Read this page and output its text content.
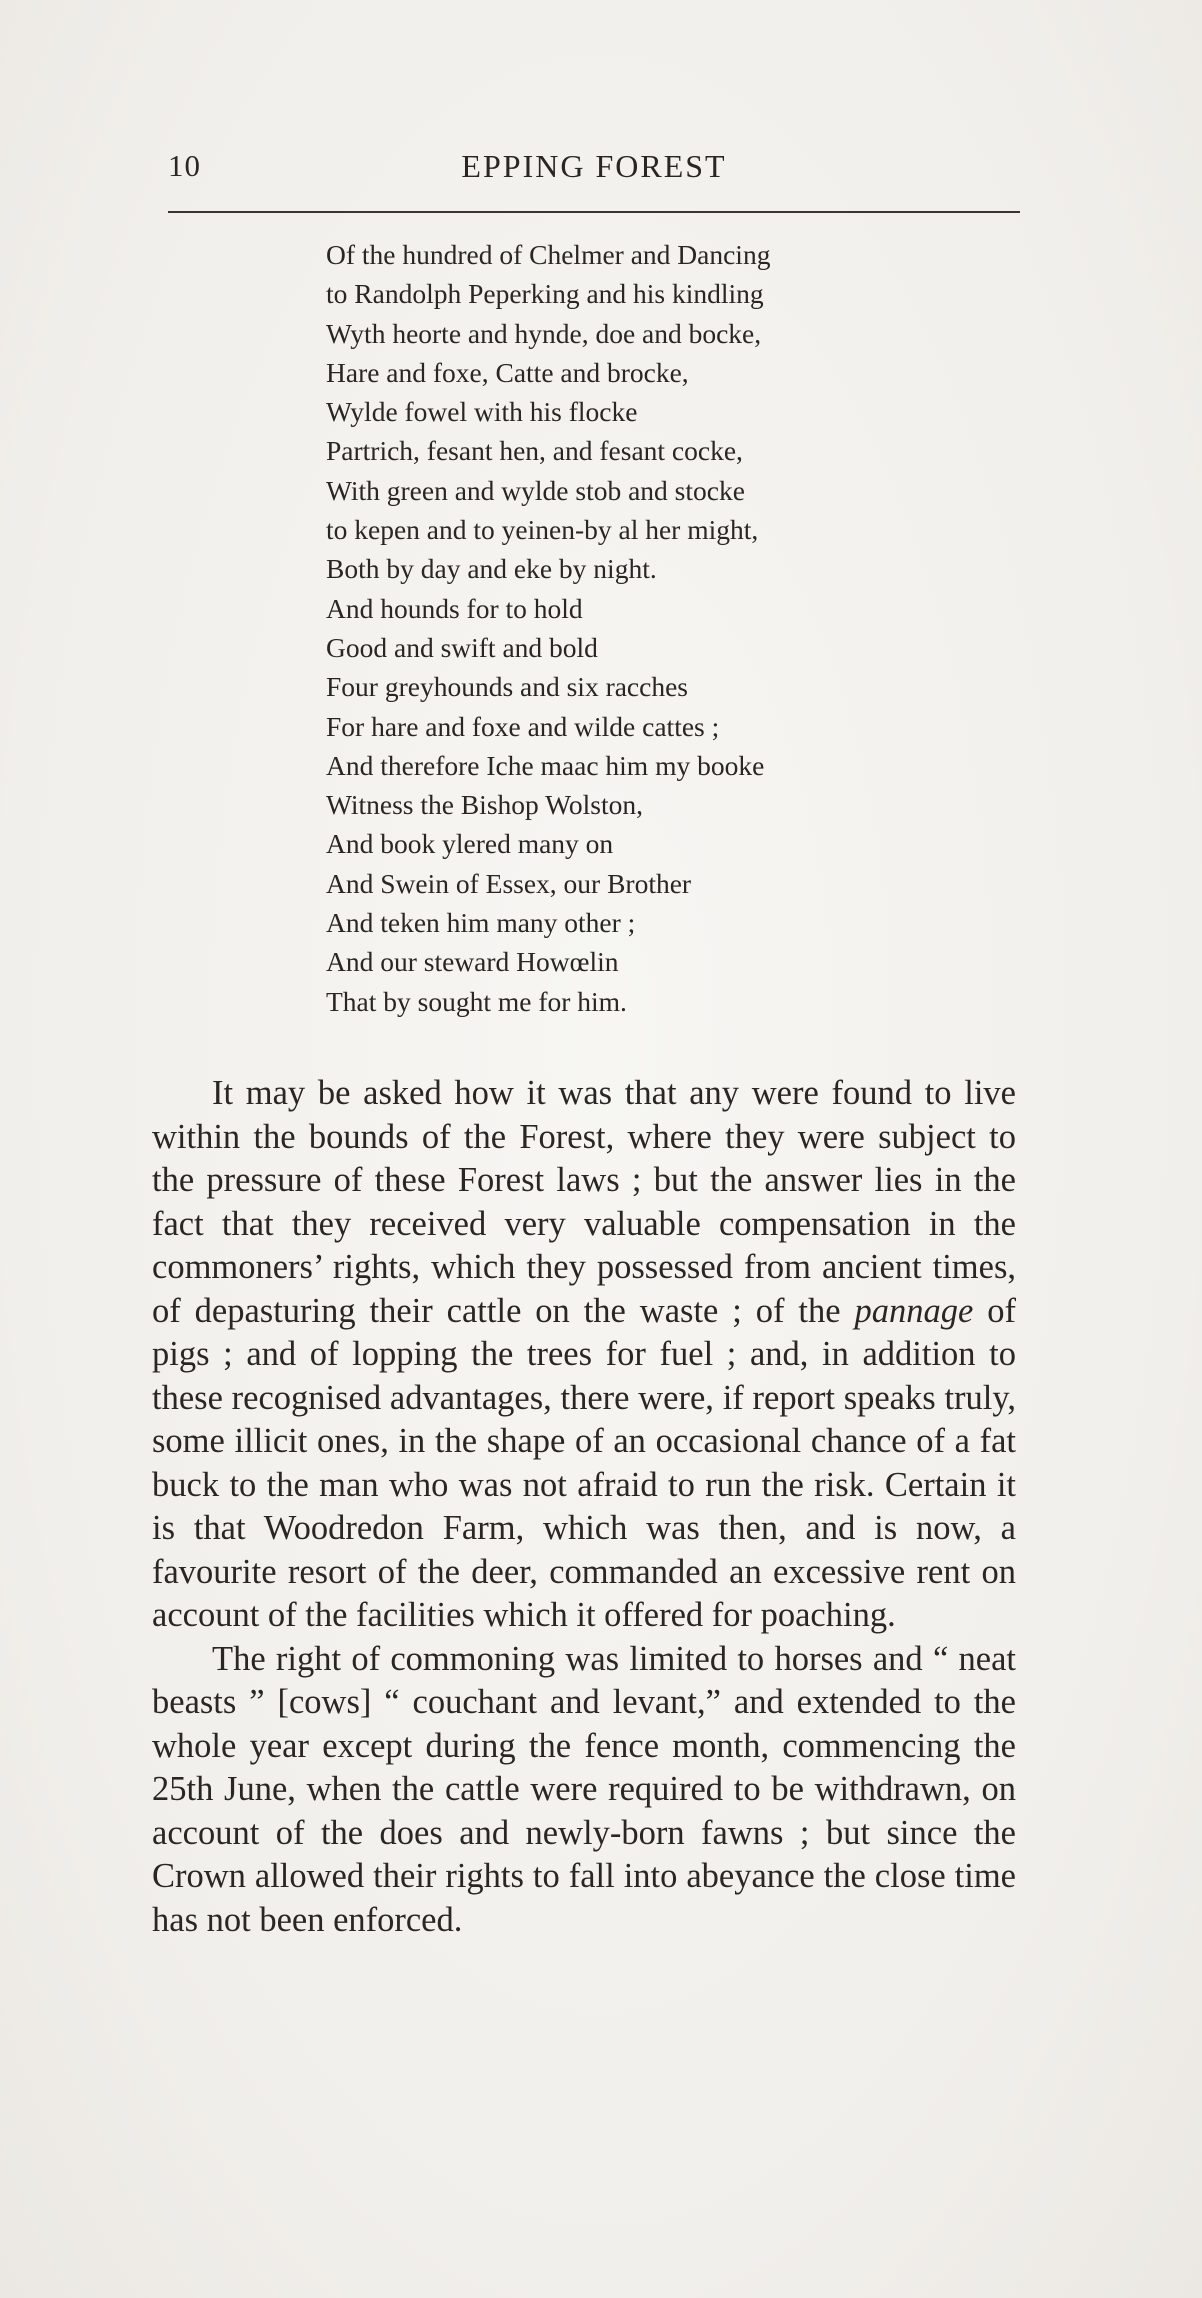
10	EPPING FOREST
Of the hundred of Chelmer and Dancing
to Randolph Peperking and his kindling
Wyth heorte and hynde, doe and bocke,
Hare and foxe, Catte and brocke,
Wylde fowel with his flocke
Partrich, fesant hen, and fesant cocke,
With green and wylde stob and stocke
to kepen and to yeinen-by al her might,
Both by day and eke by night.
And hounds for to hold
Good and swift and bold
Four greyhounds and six racches
For hare and foxe and wilde cattes ;
And therefore Iche maac him my booke
Witness the Bishop Wolston,
And book ylered many on
And Swein of Essex, our Brother
And teken him many other ;
And our steward Howœlin
That by sought me for him.

It may be asked how it was that any were found to live within the bounds of the Forest, where they were subject to the pressure of these Forest laws ; but the answer lies in the fact that they received very valuable compensation in the commoners’ rights, which they possessed from ancient times, of depasturing their cattle on the waste ; of the pannage of pigs ; and of lopping the trees for fuel ; and, in addition to these recognised advantages, there were, if report speaks truly, some illicit ones, in the shape of an occasional chance of a fat buck to the man who was not afraid to run the risk. Certain it is that Woodredon Farm, which was then, and is now, a favourite resort of the deer, commanded an excessive rent on account of the facilities which it offered for poaching.

The right of commoning was limited to horses and “ neat beasts ” [cows] “ couchant and levant,” and extended to the whole year except during the fence month, commencing the 25th June, when the cattle were required to be withdrawn, on account of the does and newly-born fawns ; but since the Crown allowed their rights to fall into abeyance the close time has not been enforced.
